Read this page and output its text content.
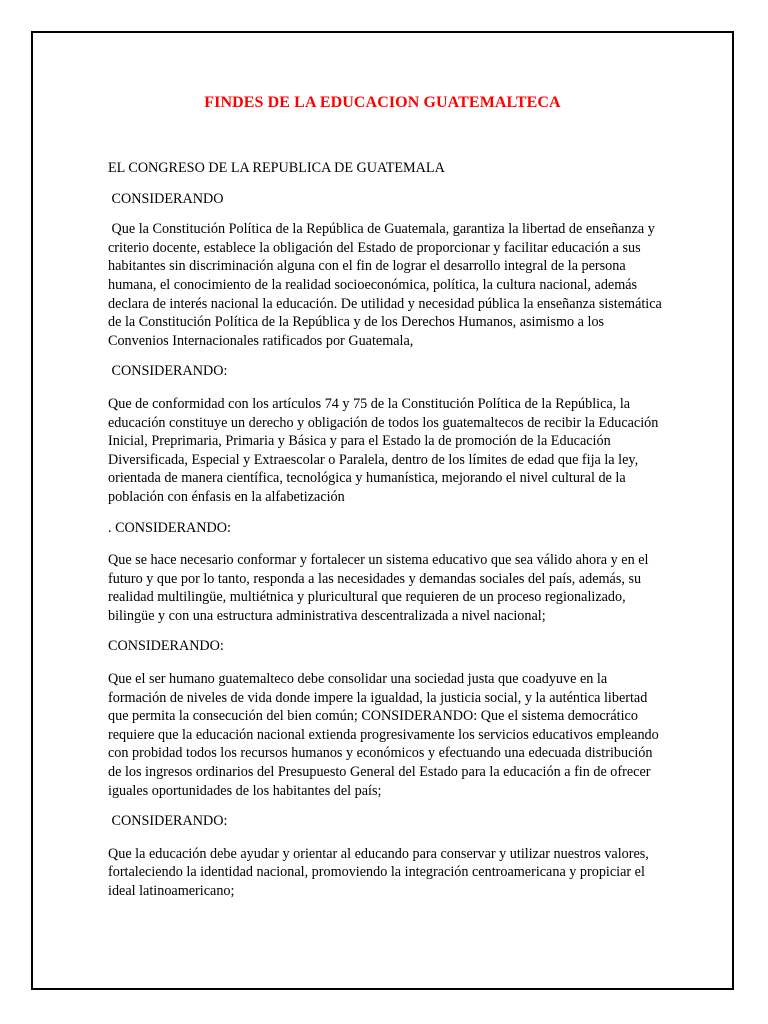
FINDES DE LA EDUCACION GUATEMALTECA

EL CONGRESO DE LA REPUBLICA DE GUATEMALA

CONSIDERANDO

Que la Constitución Política de la República de Guatemala, garantiza la libertad de enseñanza y criterio docente, establece la obligación del Estado de proporcionar y facilitar educación a sus habitantes sin discriminación alguna con el fin de lograr el desarrollo integral de la persona humana, el conocimiento de la realidad socioeconómica, política, la cultura nacional, además declara de interés nacional la educación. De utilidad y necesidad pública la enseñanza sistemática de la Constitución Política de la República y de los Derechos Humanos, asimismo a los Convenios Internacionales ratificados por Guatemala,

CONSIDERANDO:

Que de conformidad con los artículos 74 y 75 de la Constitución Política de la República, la educación constituye un derecho y obligación de todos los guatemaltecos de recibir la Educación Inicial, Preprimaria, Primaria y Básica y para el Estado la de promoción de la Educación Diversificada, Especial y Extraescolar o Paralela, dentro de los límites de edad que fija la ley, orientada de manera científica, tecnológica y humanística, mejorando el nivel cultural de la población con énfasis en la alfabetización

. CONSIDERANDO:

Que se hace necesario conformar y fortalecer un sistema educativo que sea válido ahora y en el futuro y que por lo tanto, responda a las necesidades y demandas sociales del país, además, su realidad multilingüe, multiétnica y pluricultural que requieren de un proceso regionalizado, bilingüe y con una estructura administrativa descentralizada a nivel nacional;

CONSIDERANDO:

Que el ser humano guatemalteco debe consolidar una sociedad justa que coadyuve en la formación de niveles de vida donde impere la igualdad, la justicia social, y la auténtica libertad que permita la consecución del bien común; CONSIDERANDO: Que el sistema democrático requiere que la educación nacional extienda progresivamente los servicios educativos empleando con probidad todos los recursos humanos y económicos y efectuando una edecuada distribución de los ingresos ordinarios del Presupuesto General del Estado para la educación a fin de ofrecer iguales oportunidades de los habitantes del país;

CONSIDERANDO:

Que la educación debe ayudar y orientar al educando para conservar y utilizar nuestros valores, fortaleciendo la identidad nacional, promoviendo la integración centroamericana y propiciar el ideal latinoamericano;
